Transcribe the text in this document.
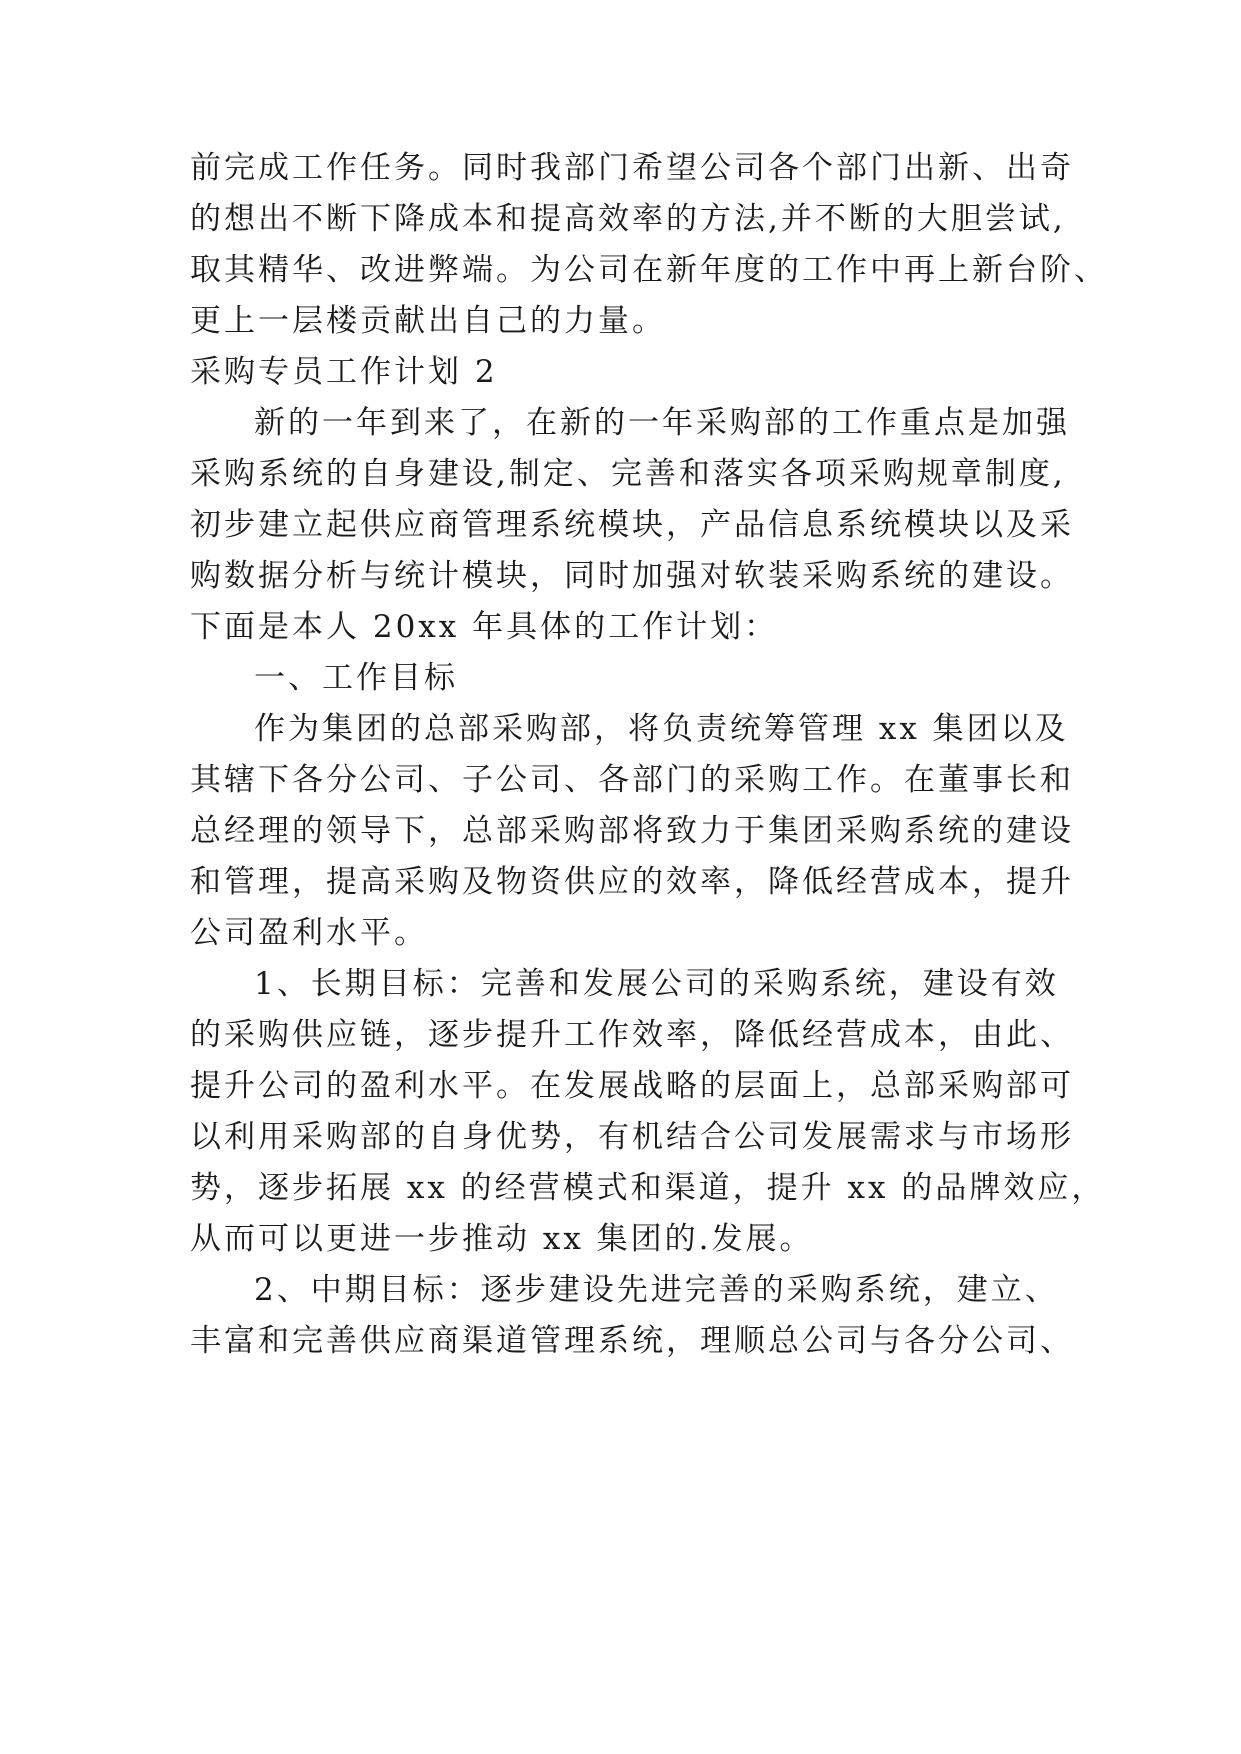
前完成工作任务。同时我部门希望公司各个部门出新、出奇
的想出不断下降成本和提高效率的方法,并不断的大胆尝试,
取其精华、改进弊端。为公司在新年度的工作中再上新台阶、
更上一层楼贡献出自己的力量。
采购专员工作计划 2
新的一年到来了，在新的一年采购部的工作重点是加强
采购系统的自身建设,制定、完善和落实各项采购规章制度,
初步建立起供应商管理系统模块，产品信息系统模块以及采
购数据分析与统计模块，同时加强对软装采购系统的建设。
下面是本人 20xx 年具体的工作计划：
一、工作目标
作为集团的总部采购部，将负责统筹管理 xx 集团以及
其辖下各分公司、子公司、各部门的采购工作。在董事长和
总经理的领导下，总部采购部将致力于集团采购系统的建设
和管理，提高采购及物资供应的效率，降低经营成本，提升
公司盈利水平。
1、长期目标：完善和发展公司的采购系统，建设有效
的采购供应链，逐步提升工作效率，降低经营成本，由此、
提升公司的盈利水平。在发展战略的层面上，总部采购部可
以利用采购部的自身优势，有机结合公司发展需求与市场形
势，逐步拓展 xx 的经营模式和渠道，提升 xx 的品牌效应，
从而可以更进一步推动 xx 集团的.发展。
2、中期目标：逐步建设先进完善的采购系统，建立、
丰富和完善供应商渠道管理系统，理顺总公司与各分公司、
